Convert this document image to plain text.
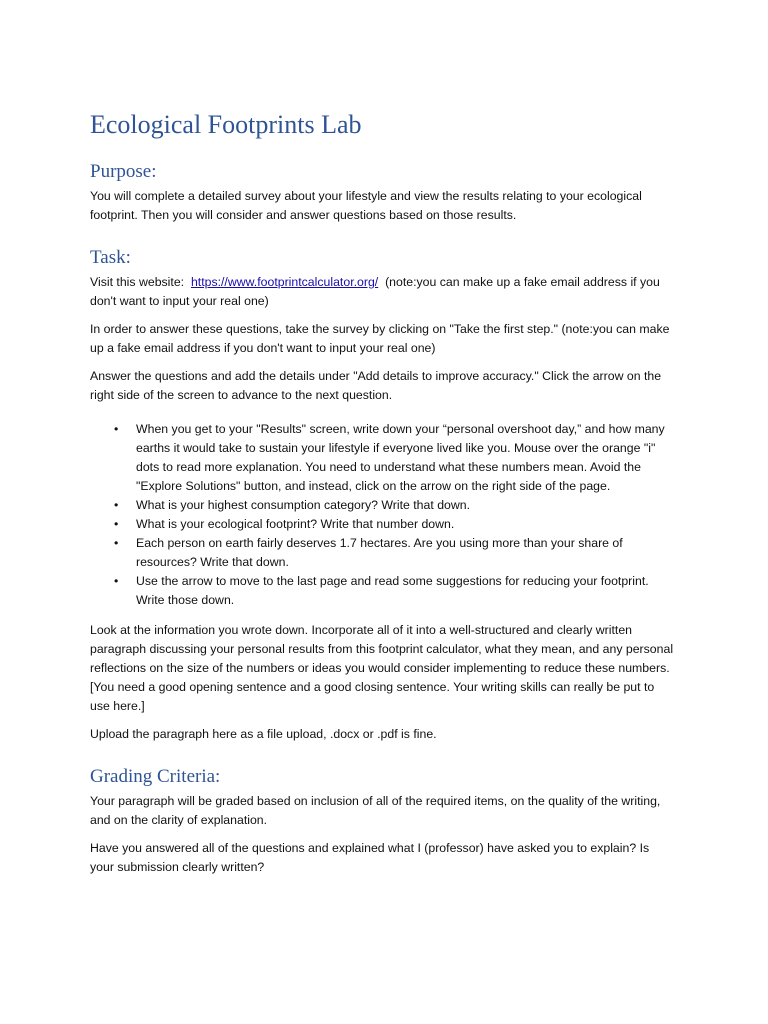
Ecological Footprints Lab
Purpose:

You will complete a detailed survey about your lifestyle and view the results relating to your ecological footprint. Then you will consider and answer questions based on those results.

Task:

Visit this website: https://www.footprintcalculator.org/ (note:you can make up a fake email address if you don't want to input your real one)

In order to answer these questions, take the survey by clicking on "Take the first step." (note:you can make up a fake email address if you don't want to input your real one)

Answer the questions and add the details under "Add details to improve accuracy." Click the arrow on the right side of the screen to advance to the next question.

• When you get to your "Results" screen, write down your “personal overshoot day,” and how many earths it would take to sustain your lifestyle if everyone lived like you. Mouse over the orange "i" dots to read more explanation. You need to understand what these numbers mean. Avoid the "Explore Solutions" button, and instead, click on the arrow on the right side of the page.
• What is your highest consumption category? Write that down.
• What is your ecological footprint? Write that number down.
• Each person on earth fairly deserves 1.7 hectares. Are you using more than your share of resources? Write that down.
• Use the arrow to move to the last page and read some suggestions for reducing your footprint. Write those down.

Look at the information you wrote down. Incorporate all of it into a well-structured and clearly written paragraph discussing your personal results from this footprint calculator, what they mean, and any personal reflections on the size of the numbers or ideas you would consider implementing to reduce these numbers. [You need a good opening sentence and a good closing sentence. Your writing skills can really be put to use here.]

Upload the paragraph here as a file upload, .docx or .pdf is fine.

Grading Criteria:

Your paragraph will be graded based on inclusion of all of the required items, on the quality of the writing, and on the clarity of explanation.

Have you answered all of the questions and explained what I (professor) have asked you to explain? Is your submission clearly written?
